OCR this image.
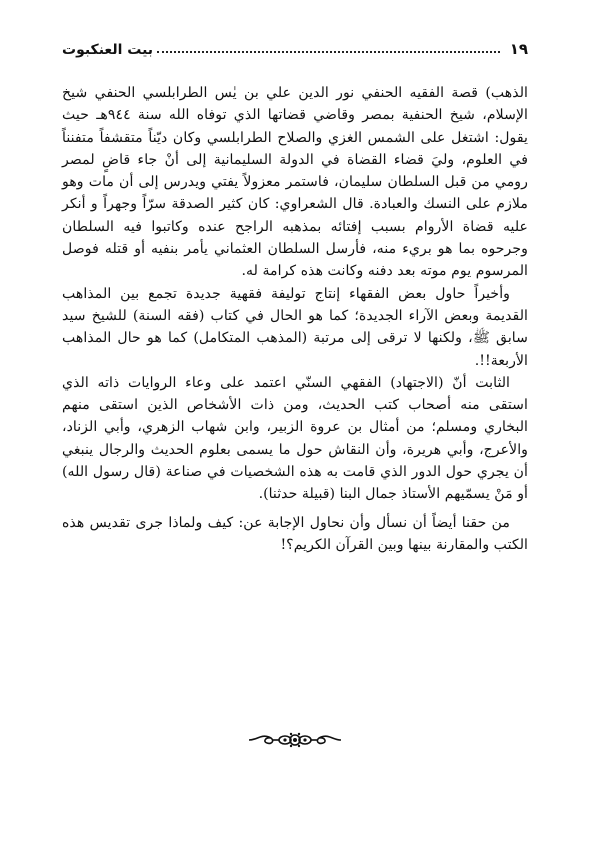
١٩
بيت العنكبوت

الذهب) قصة الفقيه الحنفي نور الدين علي بن يٰس الطرابلسي الحنفي شيخ الإسلام، شيخ الحنفية بمصر وقاضي قضاتها الذي توفاه الله سنة ٩٤٤هـ حيث يقول: اشتغل على الشمس الغزي والصلاح الطرابلسي وكان ديّناً متقشفاً متفنناً في العلوم، وليَ قضاء القضاة في الدولة السليمانية إلى أنْ جاء قاضٍ لمصر رومي من قبل السلطان سليمان، فاستمر معزولاً يفتي ويدرس إلى أن مات وهو ملازم على النسك والعبادة. قال الشعراوي: كان كثير الصدقة سرّاً وجهراً و أنكر عليه قضاة الأروام بسبب إفتائه بمذهبه الراجح عنده وكاتبوا فيه السلطان وجرحوه بما هو بريء منه، فأرسل السلطان العثماني يأمر بنفيه أو قتله فوصل المرسوم يوم موته بعد دفنه وكانت هذه كرامة له.

وأخيراً حاول بعض الفقهاء إنتاج توليفة فقهية جديدة تجمع بين المذاهب القديمة وبعض الآراء الجديدة؛ كما هو الحال في كتاب (فقه السنة) للشيخ سيد سابق ﷺ، ولكنها لا ترقى إلى مرتبة (المذهب المتكامل) كما هو حال المذاهب الأربعة!!.

الثابت أنّ (الاجتهاد) الفقهي السنّي اعتمد على وعاء الروايات ذاته الذي استقى منه أصحاب كتب الحديث، ومن ذات الأشخاص الذين استقى منهم البخاري ومسلم؛ من أمثال بن عروة الزبير، وابن شهاب الزهري، وأبي الزناد، والأعرج، وأبي هريرة، وأن النقاش حول ما يسمى بعلوم الحديث والرجال ينبغي أن يجري حول الدور الذي قامت به هذه الشخصيات في صناعة (قال رسول الله) أو مَنْ يسمّيهم الأستاذ جمال البنا (قبيلة حدثنا).

من حقنا أيضاً أن نسأل وأن نحاول الإجابة عن: كيف ولماذا جرى تقديس هذه الكتب والمقارنة بينها وبين القرآن الكريم؟!
